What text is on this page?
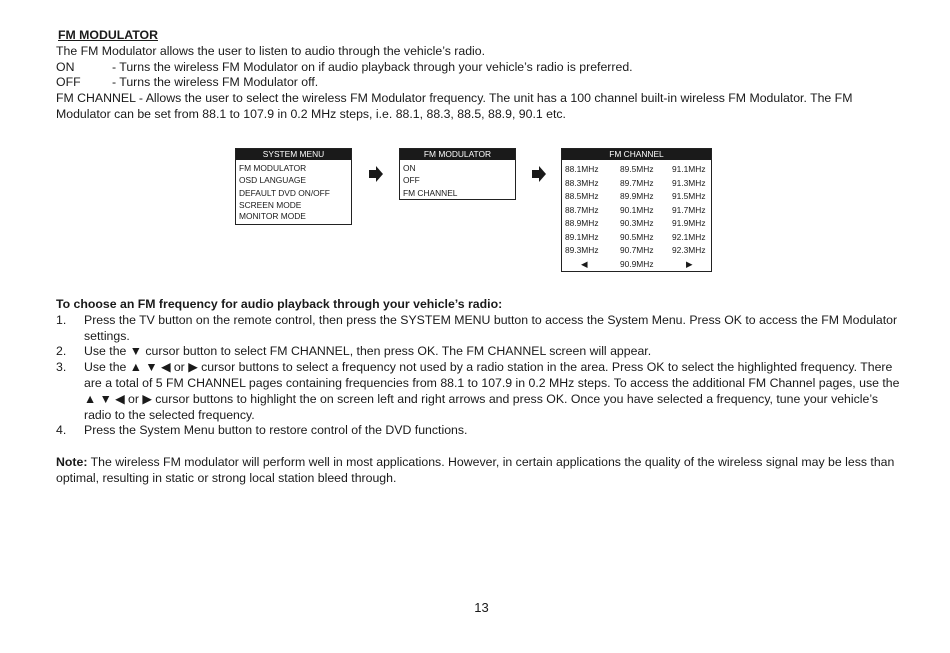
FM MODULATOR
The FM Modulator allows the user to listen to audio through the vehicle’s radio.
ON	- Turns the wireless FM Modulator on if audio playback through your vehicle’s radio is preferred.
OFF	- Turns the wireless FM Modulator off.
FM CHANNEL - Allows the user to select the wireless FM Modulator frequency. The unit has a 100 channel built-in wireless FM Modulator. The FM Modulator can be set from 88.1 to 107.9 in 0.2 MHz steps, i.e. 88.1, 88.3, 88.5, 88.9, 90.1 etc.
SYSTEM MENU
FM MODULATOR
OSD LANGUAGE
DEFAULT DVD ON/OFF
SCREEN MODE
MONITOR MODE
FM MODULATOR
ON
OFF
FM CHANNEL
FM CHANNEL
88.1MHz	89.5MHz	91.1MHz
88.3MHz	89.7MHz	91.3MHz
88.5MHz	89.9MHz	91.5MHz
88.7MHz	90.1MHz	91.7MHz
88.9MHz	90.3MHz	91.9MHz
89.1MHz	90.5MHz	92.1MHz
89.3MHz	90.7MHz	92.3MHz
◀	90.9MHz	▶
To choose an FM frequency for audio playback through your vehicle’s radio:
1.	Press the TV button on the remote control, then press the SYSTEM MENU button to access the System Menu. Press OK to access the FM Modulator settings.
2.	Use the ▼ cursor button to select FM CHANNEL, then press OK. The FM CHANNEL screen will appear.
3.	Use the ▲ ▼ ◀ or ▶ cursor buttons to select a frequency not used by a radio station in the area. Press OK to select the highlighted frequency. There are a total of 5 FM CHANNEL pages containing frequencies from 88.1 to 107.9 in 0.2 MHz steps. To access the additional FM Channel pages, use the ▲ ▼ ◀ or ▶ cursor buttons to highlight the on screen left and right arrows and press OK. Once you have selected a frequency, tune your vehicle’s radio to the selected frequency.
4.	Press the System Menu button to restore control of the DVD functions.
Note: The wireless FM modulator will perform well in most applications. However, in certain applications the quality of the wireless signal may be less than optimal, resulting in static or strong local station bleed through.
13
